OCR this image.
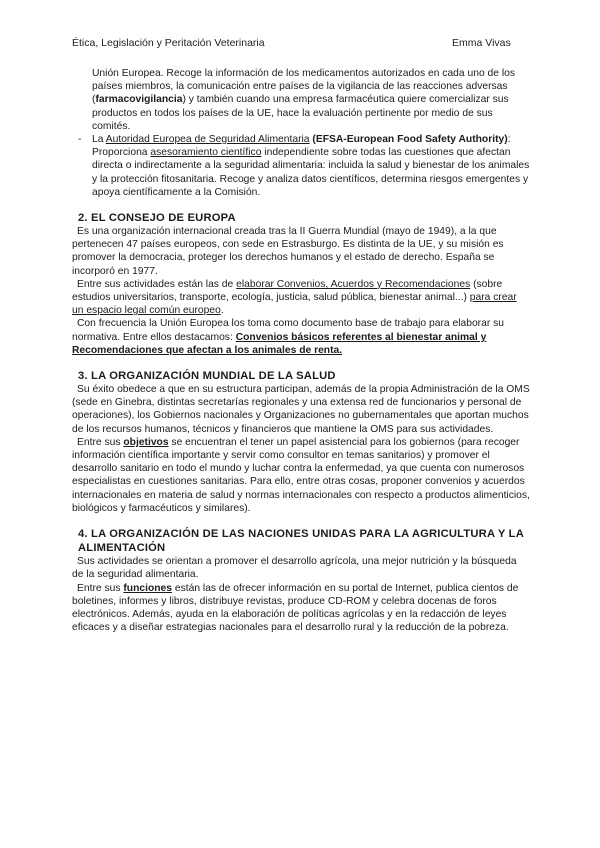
Ética, Legislación y Peritación Veterinaria	Emma Vivas

Unión Europea. Recoge la información de los medicamentos autorizados en cada uno de los países miembros, la comunicación entre países de la vigilancia de las reacciones adversas (farmacovigilancia) y también cuando una empresa farmacéutica quiere comercializar sus productos en todos los países de la UE, hace la evaluación pertinente por medio de sus comités.

- La Autoridad Europea de Seguridad Alimentaria (EFSA-European Food Safety Authority): Proporciona asesoramiento científico independiente sobre todas las cuestiones que afectan directa o indirectamente a la seguridad alimentaria: incluida la salud y bienestar de los animales y la protección fitosanitaria. Recoge y analiza datos científicos, determina riesgos emergentes y apoya científicamente a la Comisión.
2. EL CONSEJO DE EUROPA

Es una organización internacional creada tras la II Guerra Mundial (mayo de 1949), a la que pertenecen 47 países europeos, con sede en Estrasburgo. Es distinta de la UE, y su misión es promover la democracia, proteger los derechos humanos y el estado de derecho. España se incorporó en 1977.

Entre sus actividades están las de elaborar Convenios, Acuerdos y Recomendaciones (sobre estudios universitarios, transporte, ecología, justicia, salud pública, bienestar animal...) para crear un espacio legal común europeo.

Con frecuencia la Unión Europea los toma como documento base de trabajo para elaborar su normativa. Entre ellos destacamos: Convenios básicos referentes al bienestar animal y Recomendaciones que afectan a los animales de renta.

3. LA ORGANIZACIÓN MUNDIAL DE LA SALUD

Su éxito obedece a que en su estructura participan, además de la propia Administración de la OMS (sede en Ginebra, distintas secretarías regionales y una extensa red de funcionarios y personal de operaciones), los Gobiernos nacionales y Organizaciones no gubernamentales que aportan muchos de los recursos humanos, técnicos y financieros que mantiene la OMS para sus actividades.

Entre sus objetivos se encuentran el tener un papel asistencial para los gobiernos (para recoger información científica importante y servir como consultor en temas sanitarios) y promover el desarrollo sanitario en todo el mundo y luchar contra la enfermedad, ya que cuenta con numerosos especialistas en cuestiones sanitarias. Para ello, entre otras cosas, proponer convenios y acuerdos internacionales en materia de salud y normas internacionales con respecto a productos alimenticios, biológicos y farmacéuticos y similares).

4. LA ORGANIZACIÓN DE LAS NACIONES UNIDAS PARA LA AGRICULTURA Y LA ALIMENTACIÓN

Sus actividades se orientan a promover el desarrollo agrícola, una mejor nutrición y la búsqueda de la seguridad alimentaria.

Entre sus funciones están las de ofrecer información en su portal de Internet, publica cientos de boletines, informes y libros, distribuye revistas, produce CD-ROM y celebra docenas de foros electrónicos. Además, ayuda en la elaboración de políticas agrícolas y en la redacción de leyes eficaces y a diseñar estrategias nacionales para el desarrollo rural y la reducción de la pobreza.
